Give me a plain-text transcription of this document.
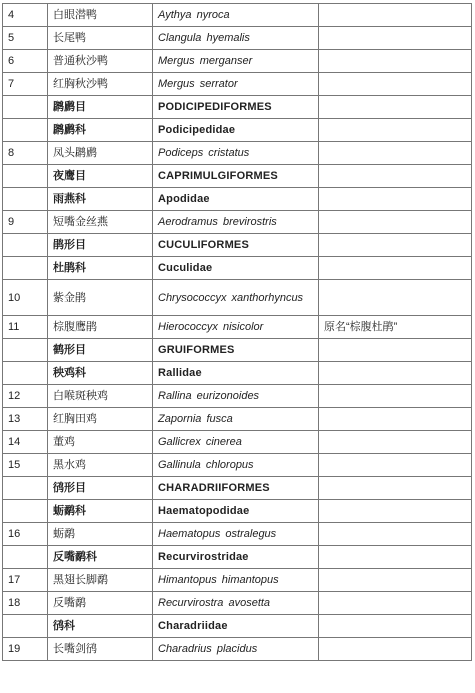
4	白眼潜鸭	Aythya nyroca	
5	长尾鸭	Clangula hyemalis	
6	普通秋沙鸭	Mergus merganser	
7	红胸秋沙鸭	Mergus serrator	
	䴙䴘目	PODICIPEDIFORMES	
	䴙䴘科	Podicipedidae	
8	凤头䴙䴘	Podiceps cristatus	
	夜鹰目	CAPRIMULGIFORMES	
	雨燕科	Apodidae	
9	短嘴金丝燕	Aerodramus brevirostris	
	鹃形目	CUCULIFORMES	
	杜鹃科	Cuculidae	
10	紫金鹃	Chrysococcyx xanthorhyncus	
11	棕腹鹰鹃	Hierococcyx nisicolor	原名“棕腹杜鹃”
	鹤形目	GRUIFORMES	
	秧鸡科	Rallidae	
12	白喉斑秧鸡	Rallina eurizonoides	
13	红胸田鸡	Zapornia fusca	
14	董鸡	Gallicrex cinerea	
15	黑水鸡	Gallinula chloropus	
	鸻形目	CHARADRIIFORMES	
	蛎鹬科	Haematopodidae	
16	蛎鹬	Haematopus ostralegus	
	反嘴鹬科	Recurvirostridae	
17	黑翅长脚鹬	Himantopus himantopus	
18	反嘴鹬	Recurvirostra avosetta	
	鸻科	Charadriidae	
19	长嘴剑鸻	Charadrius placidus	
